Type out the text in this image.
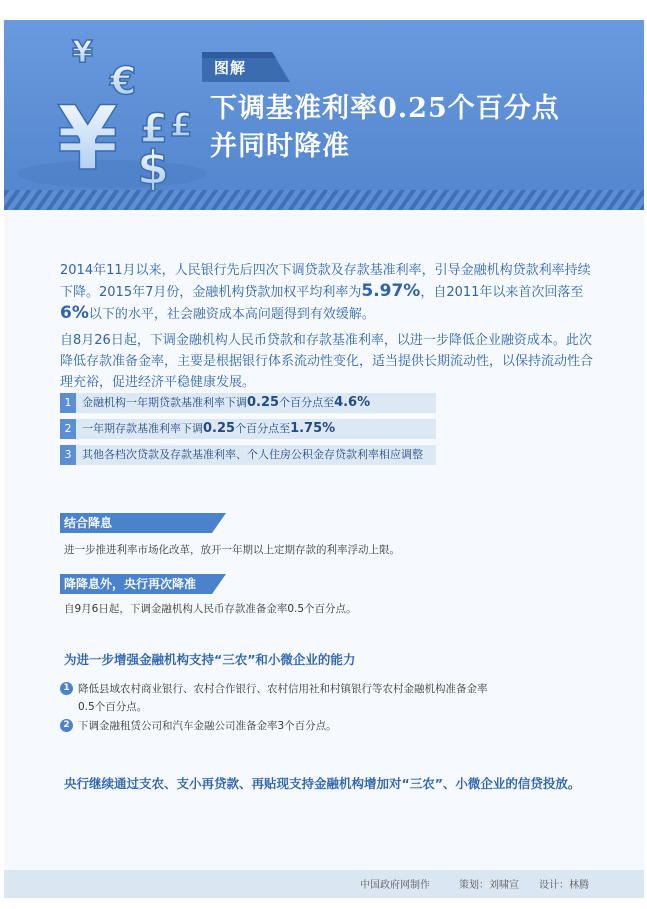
¥
€
¥ £ £
$
图解
下调基准利率0.25个百分点
并同时降准
2014年11月以来，人民银行先后四次下调贷款及存款基准利率，引导金融机构贷款利率持续下降。2015年7月份，金融机构贷款加权平均利率为5.97%，自2011年以来首次回落至6%以下的水平，社会融资成本高问题得到有效缓解。
自8月26日起，下调金融机构人民币贷款和存款基准利率，以进一步降低企业融资成本。此次降低存款准备金率，主要是根据银行体系流动性变化，适当提供长期流动性，以保持流动性合理充裕，促进经济平稳健康发展。
1 金融机构一年期贷款基准利率下调0.25个百分点至4.6%
2 一年期存款基准利率下调0.25个百分点至1.75%
3 其他各档次贷款及存款基准利率、个人住房公积金存贷款利率相应调整
结合降息
进一步推进利率市场化改革，放开一年期以上定期存款的利率浮动上限。
降降息外，央行再次降准
自9月6日起，下调金融机构人民币存款准备金率0.5个百分点。
为进一步增强金融机构支持“三农”和小微企业的能力
1 降低县域农村商业银行、农村合作银行、农村信用社和村镇银行等农村金融机构准备金率
0.5个百分点。
2 下调金融租赁公司和汽车金融公司准备金率3个百分点。
央行继续通过支农、支小再贷款、再贴现支持金融机构增加对“三农”、小微企业的信贷投放。
中国政府网制作	策划：刘啸宣 设计：林腾
